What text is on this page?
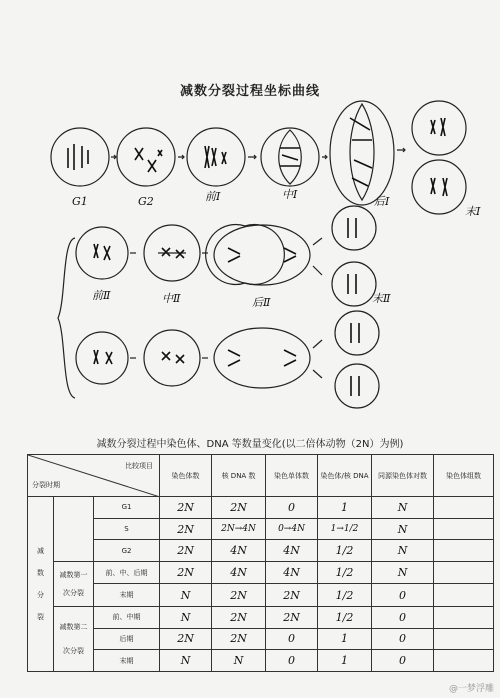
减数分裂过程坐标曲线
G1	G2	前Ⅰ	中Ⅰ
后Ⅰ
末Ⅰ
前Ⅱ	中Ⅱ	后Ⅱ	末Ⅱ
减数分裂过程中染色体、DNA 等数量变化(以二倍体动物（2N）为例)
比较项目
分裂时期			染色体数	核 DNA 数	染色单体数	染色体/核 DNA	同源染色体对数	染色体组数

减
数
分
裂		G1	2N	2N	0	1	N	
		S	2N	2N→4N	0→4N	1→1/2	N	
		G2	2N	4N	4N	1/2	N	

	减数第一
次分裂	前、中、后期	2N	4N	4N	1/2	N	
		末期	N	2N	2N	1/2	0	

	减数第二
次分裂	前、中期	N	2N	2N	1/2	0	
		后期	2N	2N	0	1	0	
		末期	N	N	0	1	0	
@一梦浮雕
